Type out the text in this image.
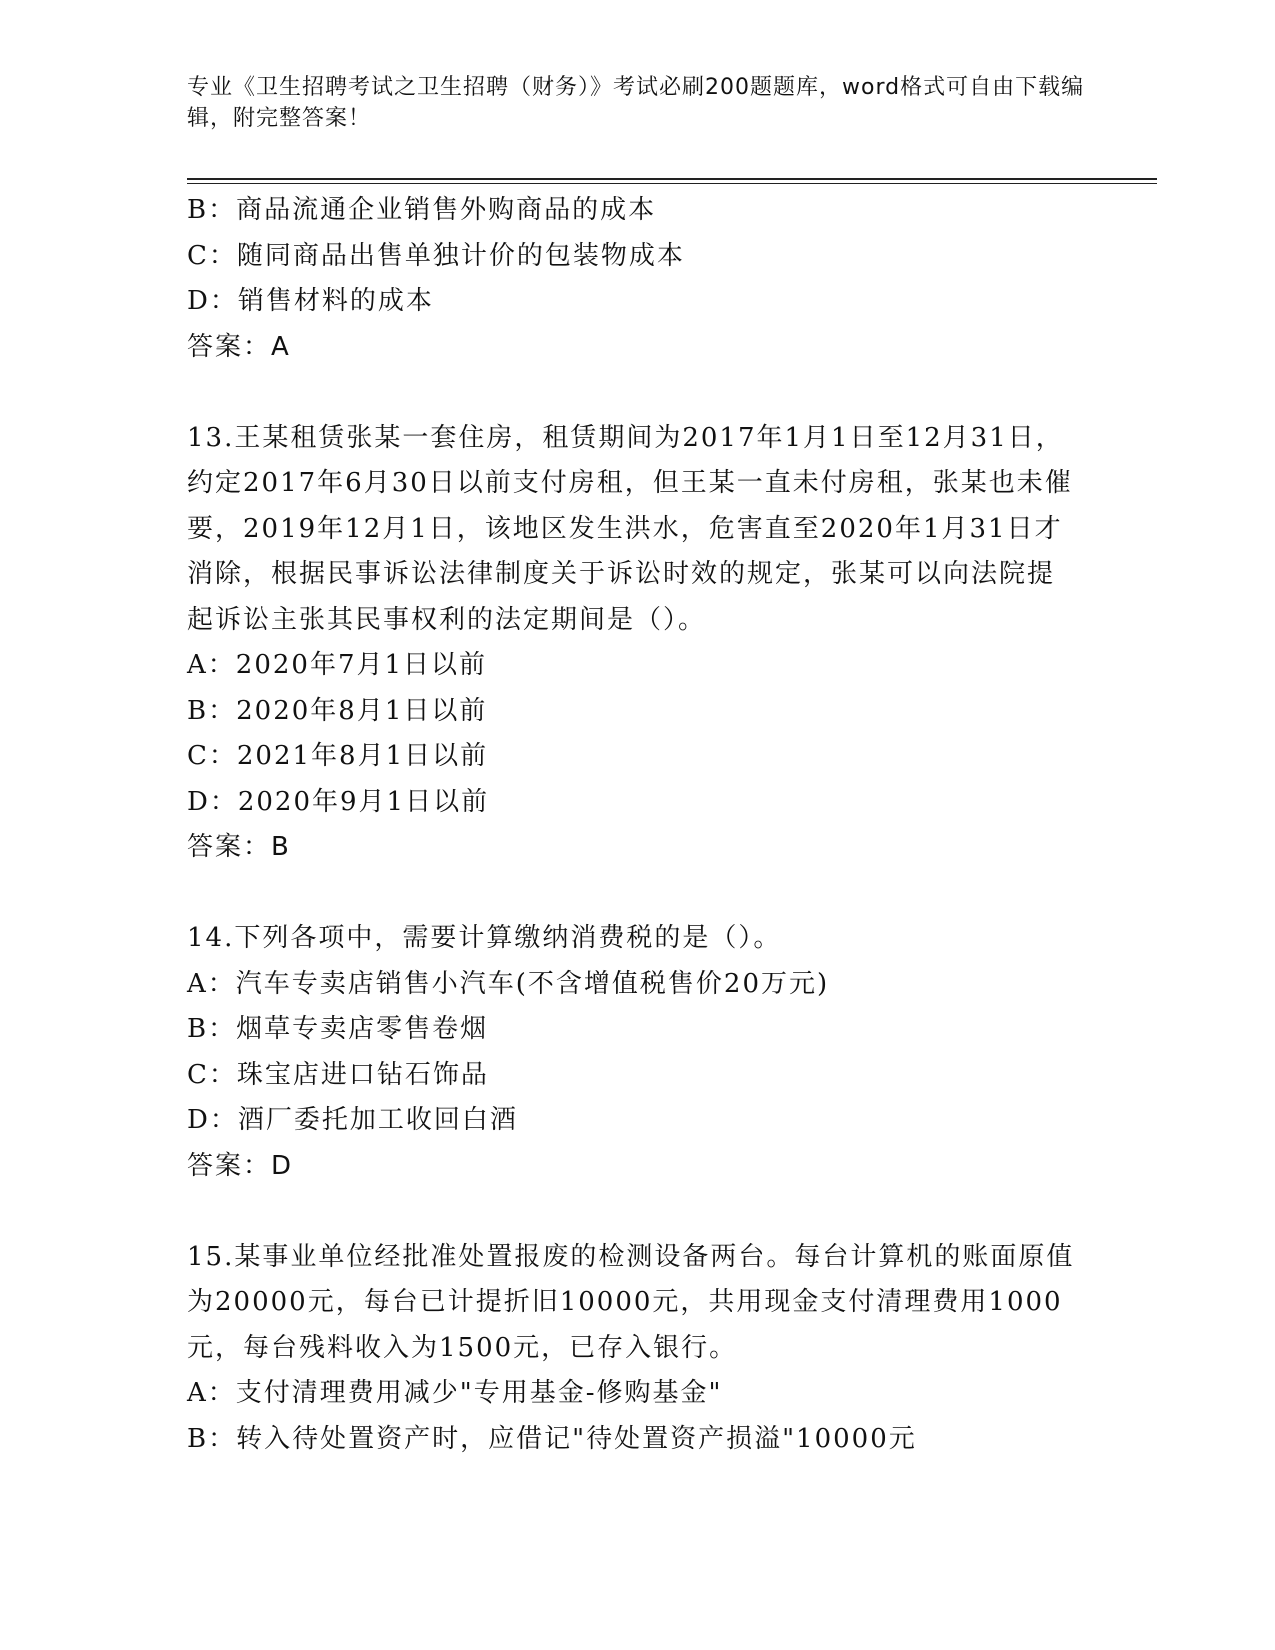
专业《卫生招聘考试之卫生招聘（财务）》考试必刷200题题库，word格式可自由下载编辑，附完整答案！
B：商品流通企业销售外购商品的成本
C：随同商品出售单独计价的包装物成本
D：销售材料的成本
答案：A
13.王某租赁张某一套住房，租赁期间为2017年1月1日至12月31日，约定2017年6月30日以前支付房租，但王某一直未付房租，张某也未催要，2019年12月1日，该地区发生洪水，危害直至2020年1月31日才消除，根据民事诉讼法律制度关于诉讼时效的规定，张某可以向法院提起诉讼主张其民事权利的法定期间是（）。
A：2020年7月1日以前
B：2020年8月1日以前
C：2021年8月1日以前
D：2020年9月1日以前
答案：B
14.下列各项中，需要计算缴纳消费税的是（）。
A：汽车专卖店销售小汽车(不含增值税售价20万元)
B：烟草专卖店零售卷烟
C：珠宝店进口钻石饰品
D：酒厂委托加工收回白酒
答案：D
15.某事业单位经批准处置报废的检测设备两台。每台计算机的账面原值为20000元，每台已计提折旧10000元，共用现金支付清理费用1000元，每台残料收入为1500元，已存入银行。
A：支付清理费用减少"专用基金-修购基金"
B：转入待处置资产时，应借记"待处置资产损溢"10000元
